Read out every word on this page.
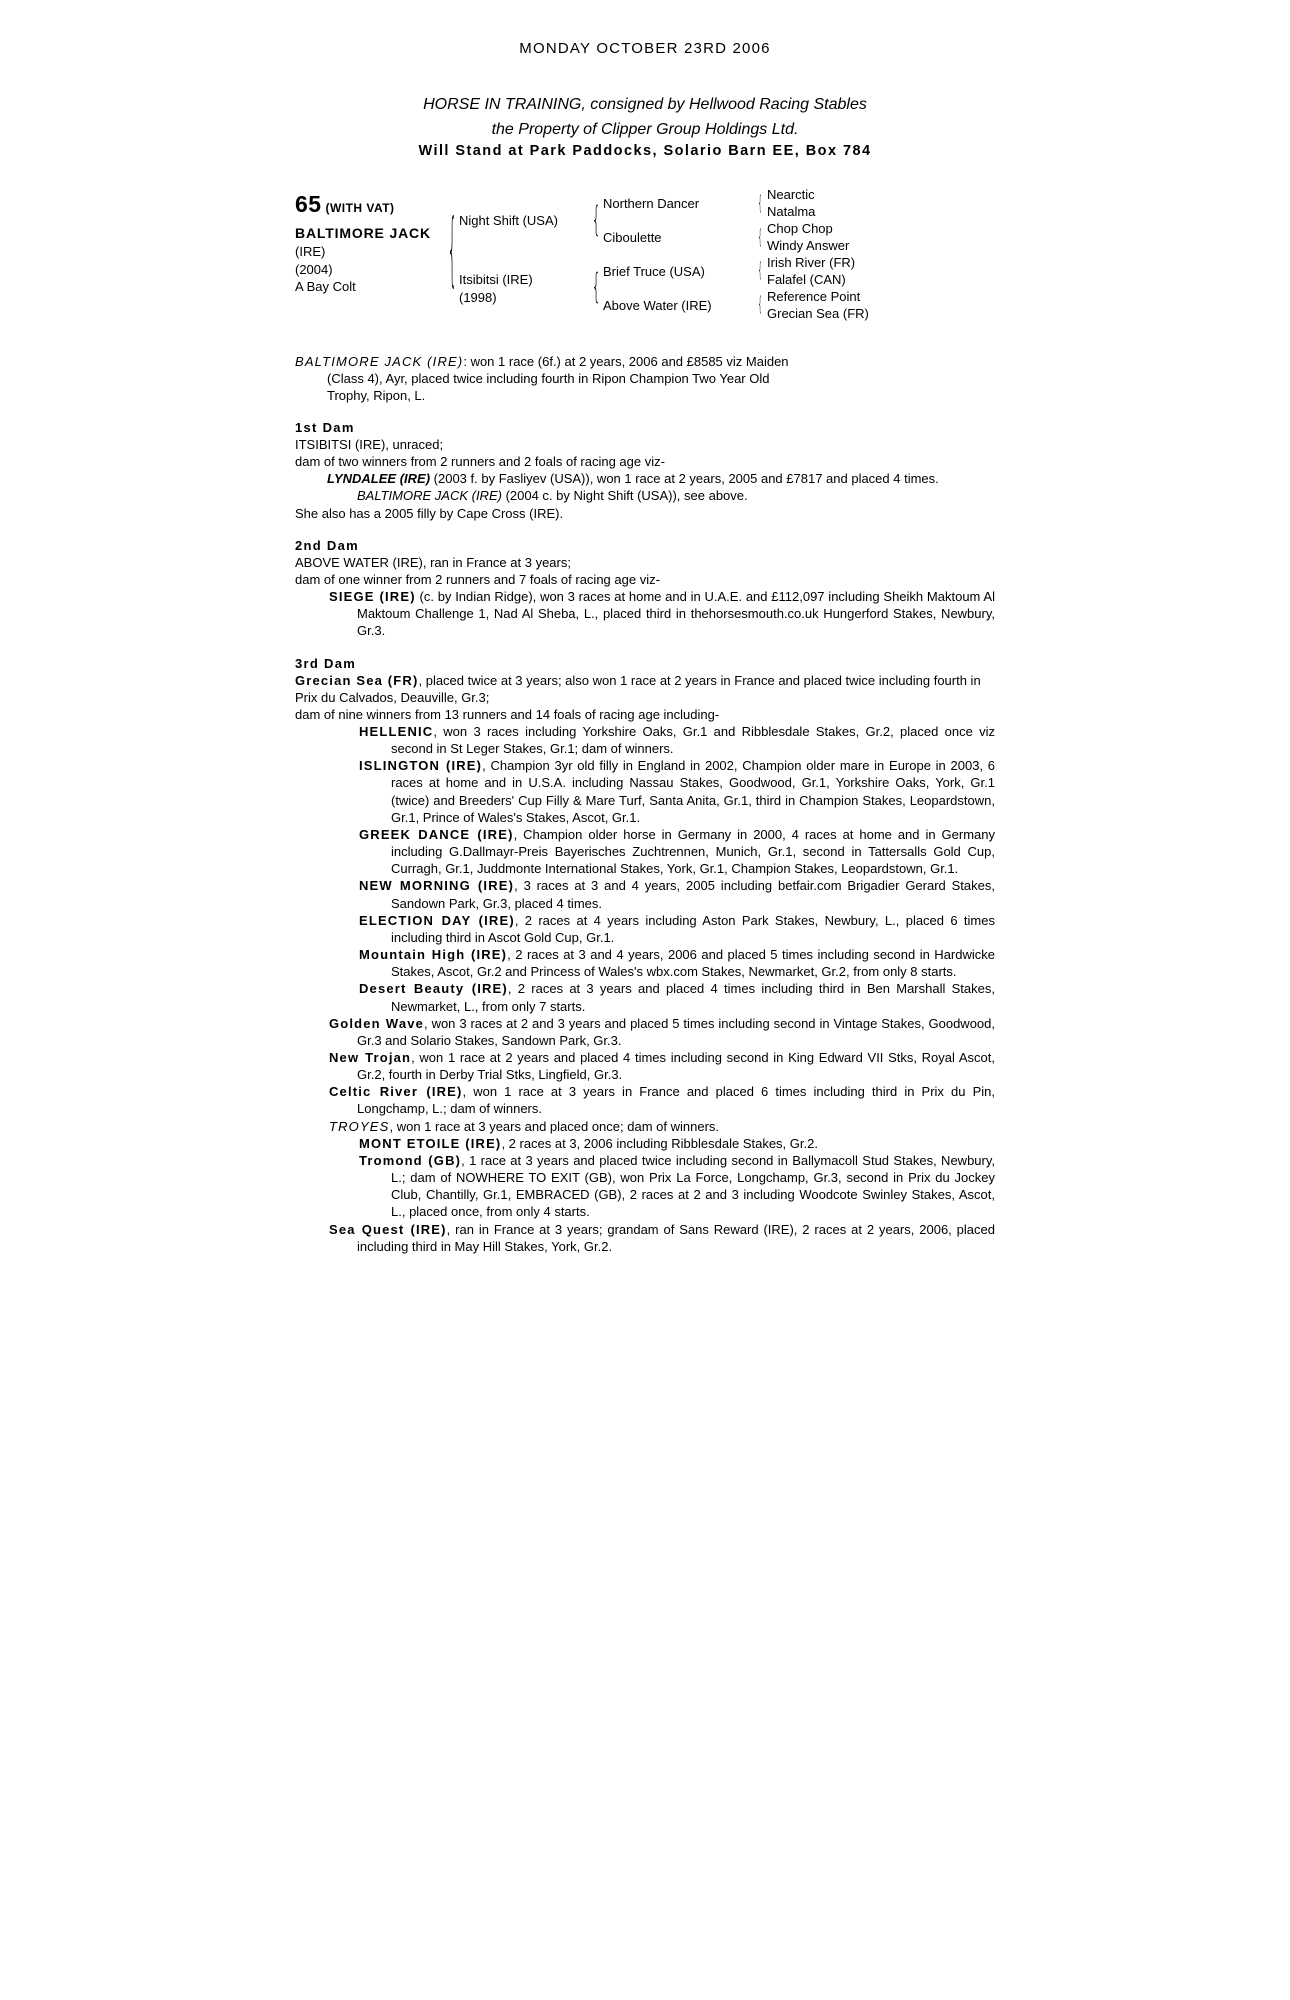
MONDAY OCTOBER 23RD 2006
HORSE IN TRAINING, consigned by Hellwood Racing Stables
the Property of Clipper Group Holdings Ltd.
Will Stand at Park Paddocks, Solario Barn EE, Box 784
65 (WITH VAT)
BALTIMORE JACK
(IRE)
(2004)
A Bay Colt	{ Night Shift (USA)
Itsibitsi (IRE)
(1998)
{
{
Northern Dancer
Ciboulette
Brief Truce (USA)
Above Water (IRE)
{
{
{
{
Nearctic
Natalma
Chop Chop
Windy Answer
Irish River (FR)
Falafel (CAN)
Reference Point
Grecian Sea (FR)
BALTIMORE JACK (IRE): won 1 race (6f.) at 2 years, 2006 and £8585 viz Maiden
(Class 4), Ayr, placed twice including fourth in Ripon Champion Two Year Old
Trophy, Ripon, L.
1st Dam
ITSIBITSI (IRE), unraced;
dam of two winners from 2 runners and 2 foals of racing age viz-
LYNDALEE (IRE) (2003 f. by Fasliyev (USA)), won 1 race at 2 years, 2005 and £7817 and placed 4 times.
BALTIMORE JACK (IRE) (2004 c. by Night Shift (USA)), see above.
She also has a 2005 filly by Cape Cross (IRE).
2nd Dam
ABOVE WATER (IRE), ran in France at 3 years;
dam of one winner from 2 runners and 7 foals of racing age viz-
SIEGE (IRE) (c. by Indian Ridge), won 3 races at home and in U.A.E. and £112,097 including Sheikh Maktoum Al Maktoum Challenge 1, Nad Al Sheba, L., placed third in thehorsesmouth.co.uk Hungerford Stakes, Newbury, Gr.3.
3rd Dam
Grecian Sea (FR), placed twice at 3 years; also won 1 race at 2 years in France and placed twice including fourth in Prix du Calvados, Deauville, Gr.3;
dam of nine winners from 13 runners and 14 foals of racing age including-
HELLENIC, won 3 races including Yorkshire Oaks, Gr.1 and Ribblesdale Stakes, Gr.2, placed once viz second in St Leger Stakes, Gr.1; dam of winners.
ISLINGTON (IRE), Champion 3yr old filly in England in 2002, Champion older mare in Europe in 2003, 6 races at home and in U.S.A. including Nassau Stakes, Goodwood, Gr.1, Yorkshire Oaks, York, Gr.1 (twice) and Breeders' Cup Filly & Mare Turf, Santa Anita, Gr.1, third in Champion Stakes, Leopardstown, Gr.1, Prince of Wales's Stakes, Ascot, Gr.1.
GREEK DANCE (IRE), Champion older horse in Germany in 2000, 4 races at home and in Germany including G.Dallmayr-Preis Bayerisches Zuchtrennen, Munich, Gr.1, second in Tattersalls Gold Cup, Curragh, Gr.1, Juddmonte International Stakes, York, Gr.1, Champion Stakes, Leopardstown, Gr.1.
NEW MORNING (IRE), 3 races at 3 and 4 years, 2005 including betfair.com Brigadier Gerard Stakes, Sandown Park, Gr.3, placed 4 times.
ELECTION DAY (IRE), 2 races at 4 years including Aston Park Stakes, Newbury, L., placed 6 times including third in Ascot Gold Cup, Gr.1.
Mountain High (IRE), 2 races at 3 and 4 years, 2006 and placed 5 times including second in Hardwicke Stakes, Ascot, Gr.2 and Princess of Wales's wbx.com Stakes, Newmarket, Gr.2, from only 8 starts.
Desert Beauty (IRE), 2 races at 3 years and placed 4 times including third in Ben Marshall Stakes, Newmarket, L., from only 7 starts.
Golden Wave, won 3 races at 2 and 3 years and placed 5 times including second in Vintage Stakes, Goodwood, Gr.3 and Solario Stakes, Sandown Park, Gr.3.
New Trojan, won 1 race at 2 years and placed 4 times including second in King Edward VII Stks, Royal Ascot, Gr.2, fourth in Derby Trial Stks, Lingfield, Gr.3.
Celtic River (IRE), won 1 race at 3 years in France and placed 6 times including third in Prix du Pin, Longchamp, L.; dam of winners.
TROYES, won 1 race at 3 years and placed once; dam of winners.
MONT ETOILE (IRE), 2 races at 3, 2006 including Ribblesdale Stakes, Gr.2.
Tromond (GB), 1 race at 3 years and placed twice including second in Ballymacoll Stud Stakes, Newbury, L.; dam of NOWHERE TO EXIT (GB), won Prix La Force, Longchamp, Gr.3, second in Prix du Jockey Club, Chantilly, Gr.1, EMBRACED (GB), 2 races at 2 and 3 including Woodcote Swinley Stakes, Ascot, L., placed once, from only 4 starts.
Sea Quest (IRE), ran in France at 3 years; grandam of Sans Reward (IRE), 2 races at 2 years, 2006, placed including third in May Hill Stakes, York, Gr.2.
